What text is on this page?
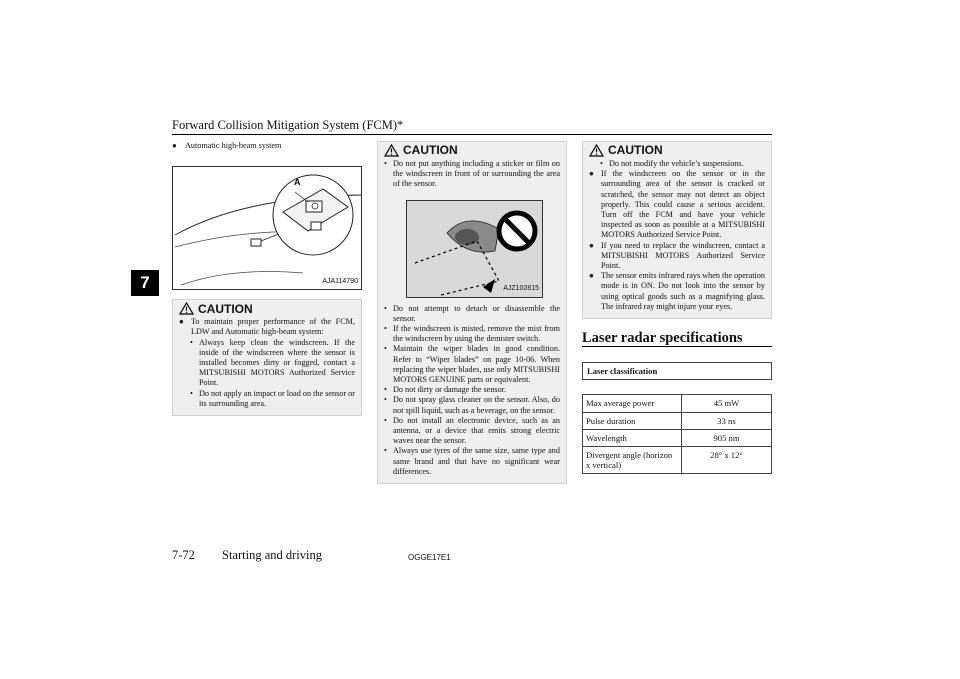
Forward Collision Mitigation System (FCM)*
7
● Automatic high-beam system
A
AJA114790
CAUTION
● To maintain proper performance of the FCM, LDW and Automatic high-beam system:
• Always keep clean the windscreen. If the inside of the windscreen where the sensor is installed becomes dirty or fogged, contact a MITSUBISHI MOTORS Authorized Service Point.
• Do not apply an impact or load on the sensor or its surrounding area.
CAUTION
• Do not put anything including a sticker or film on the windscreen in front of or surrounding the area of the sensor.
AJZ102815
• Do not attempt to detach or disassemble the sensor.
• If the windscreen is misted, remove the mist from the windscreen by using the demister switch.
• Maintain the wiper blades in good condition. Refer to “Wiper blades” on page 10-06. When replacing the wiper blades, use only MITSUBISHI MOTORS GENUINE parts or equivalent.
• Do not dirty or damage the sensor.
• Do not spray glass cleaner on the sensor. Also, do not spill liquid, such as a beverage, on the sensor.
• Do not install an electronic device, such as an antenna, or a device that emits strong electric waves near the sensor.
• Always use tyres of the same size, same type and same brand and that have no significant wear differences.
CAUTION
• Do not modify the vehicle’s suspensions.
● If the windscreen on the sensor or in the surrounding area of the sensor is cracked or scratched, the sensor may not detect an object properly. This could cause a serious accident. Turn off the FCM and have your vehicle inspected as soon as possible at a MITSUBISHI MOTORS Authorized Service Point.
● If you need to replace the windscreen, contact a MITSUBISHI MOTORS Authorized Service Point.
● The sensor emits infrared rays when the operation mode is in ON. Do not look into the sensor by using optical goods such as a magnifying glass. The infrared ray might injure your eyes.
Laser radar specifications
Laser classification
Max average power	45 mW
Pulse duration	33 ns
Wavelength	905 nm
Divergent angle (horizon x vertical)	28° x 12°
7-72 Starting and driving	OGGE17E1
